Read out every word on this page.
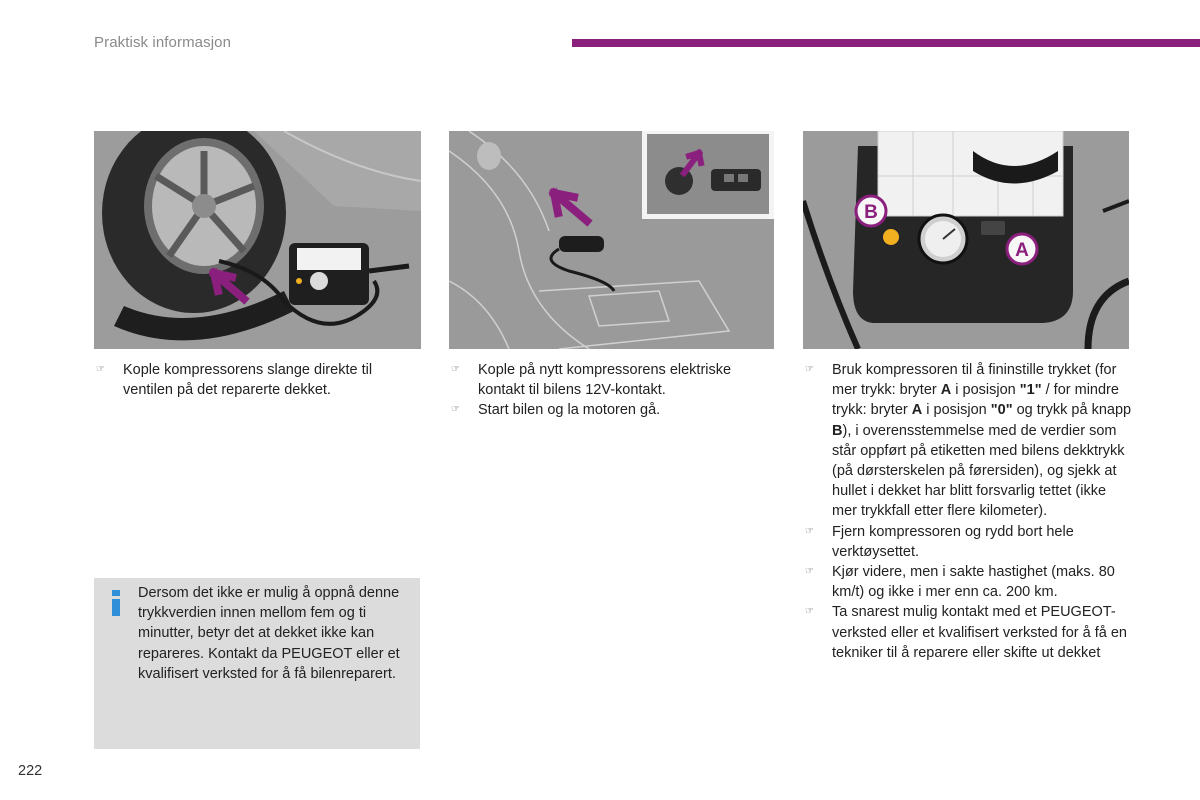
Praktisk informasjon
B
A

☞ Kople kompressorens slange direkte til ventilen på det reparerte dekket.

☞ Kople på nytt kompressorens elektriske kontakt til bilens 12V-kontakt.

☞ Start bilen og la motoren gå.

☞ Bruk kompressoren til å fininstille trykket (for mer trykk: bryter A i posisjon "1" / for mindre trykk: bryter A i posisjon "0" og trykk på knapp B), i overensstemmelse med de verdier som står oppført på etiketten med bilens dekktrykk (på dørsterskelen på førersiden), og sjekk at hullet i dekket har blitt forsvarlig tettet (ikke mer trykkfall etter flere kilometer).

☞ Fjern kompressoren og rydd bort hele verktøysettet.

☞ Kjør videre, men i sakte hastighet (maks. 80 km/t) og ikke i mer enn ca. 200 km.

☞ Ta snarest mulig kontakt med et PEUGEOT-verksted eller et kvalifisert verksted for å få en tekniker til å reparere eller skifte ut dekket

Dersom det ikke er mulig å oppnå denne trykkverdien innen mellom fem og ti minutter, betyr det at dekket ikke kan repareres. Kontakt da PEUGEOT eller et kvalifisert verksted for å få bilenreparert.
222
